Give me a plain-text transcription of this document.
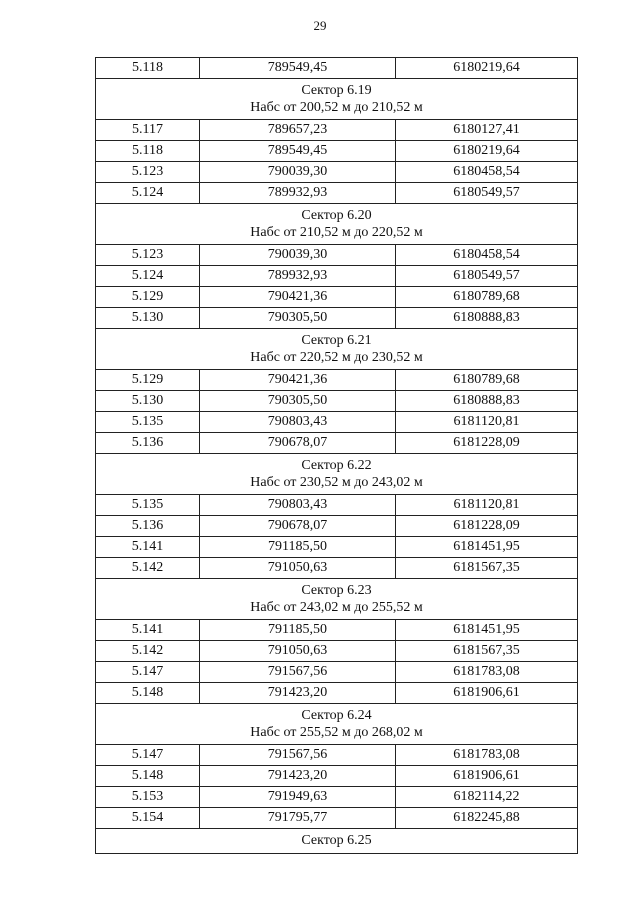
29
5.118	789549,45	6180219,64

Сектор 6.19
Набс от 200,52 м до 210,52 м		

5.117	789657,23	6180127,41
5.118	789549,45	6180219,64
5.123	790039,30	6180458,54
5.124	789932,93	6180549,57

Сектор 6.20
Набс от 210,52 м до 220,52 м		

5.123	790039,30	6180458,54
5.124	789932,93	6180549,57
5.129	790421,36	6180789,68
5.130	790305,50	6180888,83

Сектор 6.21
Набс от 220,52 м до 230,52 м		

5.129	790421,36	6180789,68
5.130	790305,50	6180888,83
5.135	790803,43	6181120,81
5.136	790678,07	6181228,09

Сектор 6.22
Набс от 230,52 м до 243,02 м		

5.135	790803,43	6181120,81
5.136	790678,07	6181228,09
5.141	791185,50	6181451,95
5.142	791050,63	6181567,35

Сектор 6.23
Набс от 243,02 м до 255,52 м		

5.141	791185,50	6181451,95
5.142	791050,63	6181567,35
5.147	791567,56	6181783,08
5.148	791423,20	6181906,61

Сектор 6.24
Набс от 255,52 м до 268,02 м		

5.147	791567,56	6181783,08
5.148	791423,20	6181906,61
5.153	791949,63	6182114,22
5.154	791795,77	6182245,88

Сектор 6.25		
